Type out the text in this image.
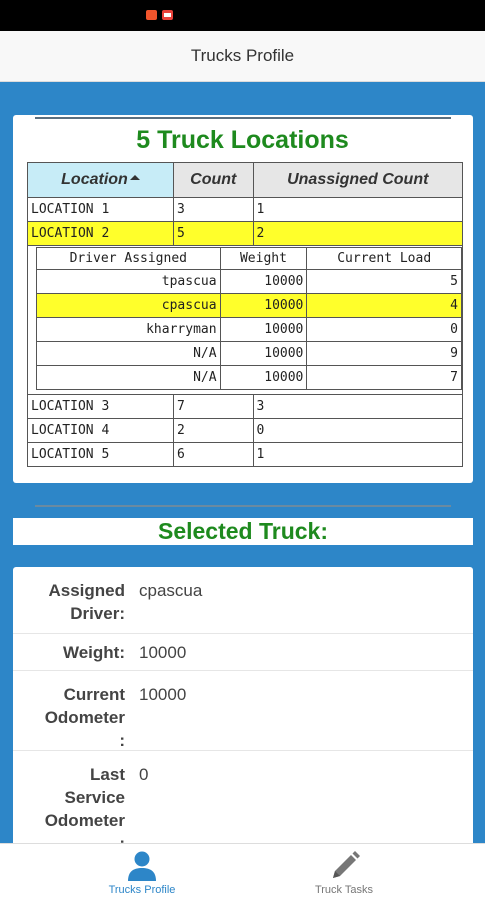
Trucks Profile
5 Truck Locations
Location	Count	Unassigned Count
LOCATION 1	3	1
LOCATION 2	5	2

Driver Assigned	Weight	Current Load
tpascua	10000	5
cpascua	10000	4
kharryman	10000	0
N/A	10000	9
N/A	10000	7

LOCATION 3	7	3
LOCATION 4	2	0
LOCATION 5	6	1
Selected Truck:
Assigned
Driver:
cpascua
Weight: 10000
Current
Odometer
:
10000
Last
Service
Odometer
0
Trucks Profile	Truck Tasks
